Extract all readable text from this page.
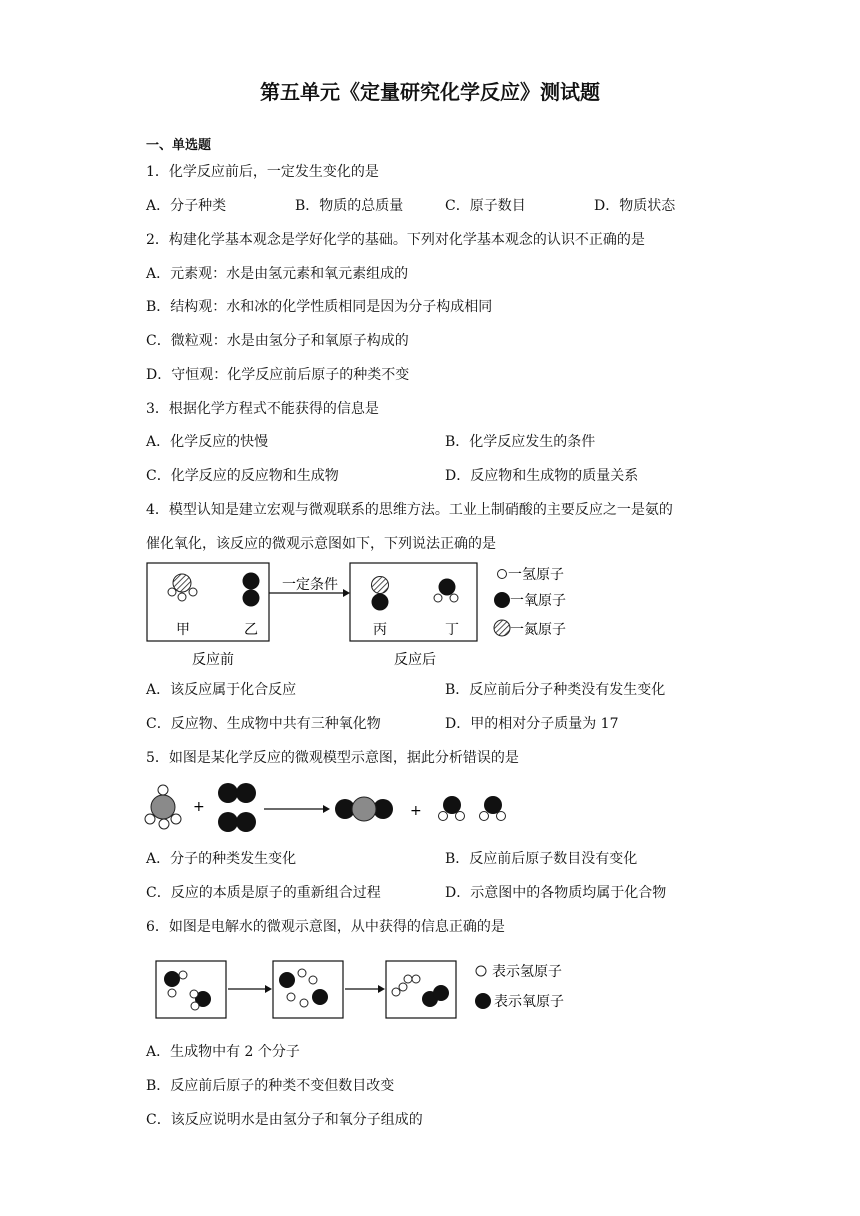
第五单元《定量研究化学反应》测试题
一、单选题
1．化学反应前后，一定发生变化的是
A．分子种类	B．物质的总质量	C．原子数目	D．物质状态
2．构建化学基本观念是学好化学的基础。下列对化学基本观念的认识不正确的是
A．元素观：水是由氢元素和氧元素组成的
B．结构观：水和冰的化学性质相同是因为分子构成相同
C．微粒观：水是由氢分子和氧原子构成的
D．守恒观：化学反应前后原子的种类不变
3．根据化学方程式不能获得的信息是
A．化学反应的快慢	B．化学反应发生的条件
C．化学反应的反应物和生成物	D．反应物和生成物的质量关系
4．模型认知是建立宏观与微观联系的思维方法。工业上制硝酸的主要反应之一是氨的
催化氧化，该反应的微观示意图如下，下列说法正确的是
甲	乙
一定条件
丙	丁
反应前	反应后
一氢原子
一氧原子
一氮原子
A．该反应属于化合反应	B．反应前后分子种类没有发生变化
C．反应物、生成物中共有三种氧化物	D．甲的相对分子质量为 17
5．如图是某化学反应的微观模型示意图，据此分析错误的是
+	+
A．分子的种类发生变化	B．反应前后原子数目没有变化
C．反应的本质是原子的重新组合过程	D．示意图中的各物质均属于化合物
6．如图是电解水的微观示意图，从中获得的信息正确的是
表示氢原子
表示氧原子
A．生成物中有 2 个分子
B．反应前后原子的种类不变但数目改变
C．该反应说明水是由氢分子和氧分子组成的
